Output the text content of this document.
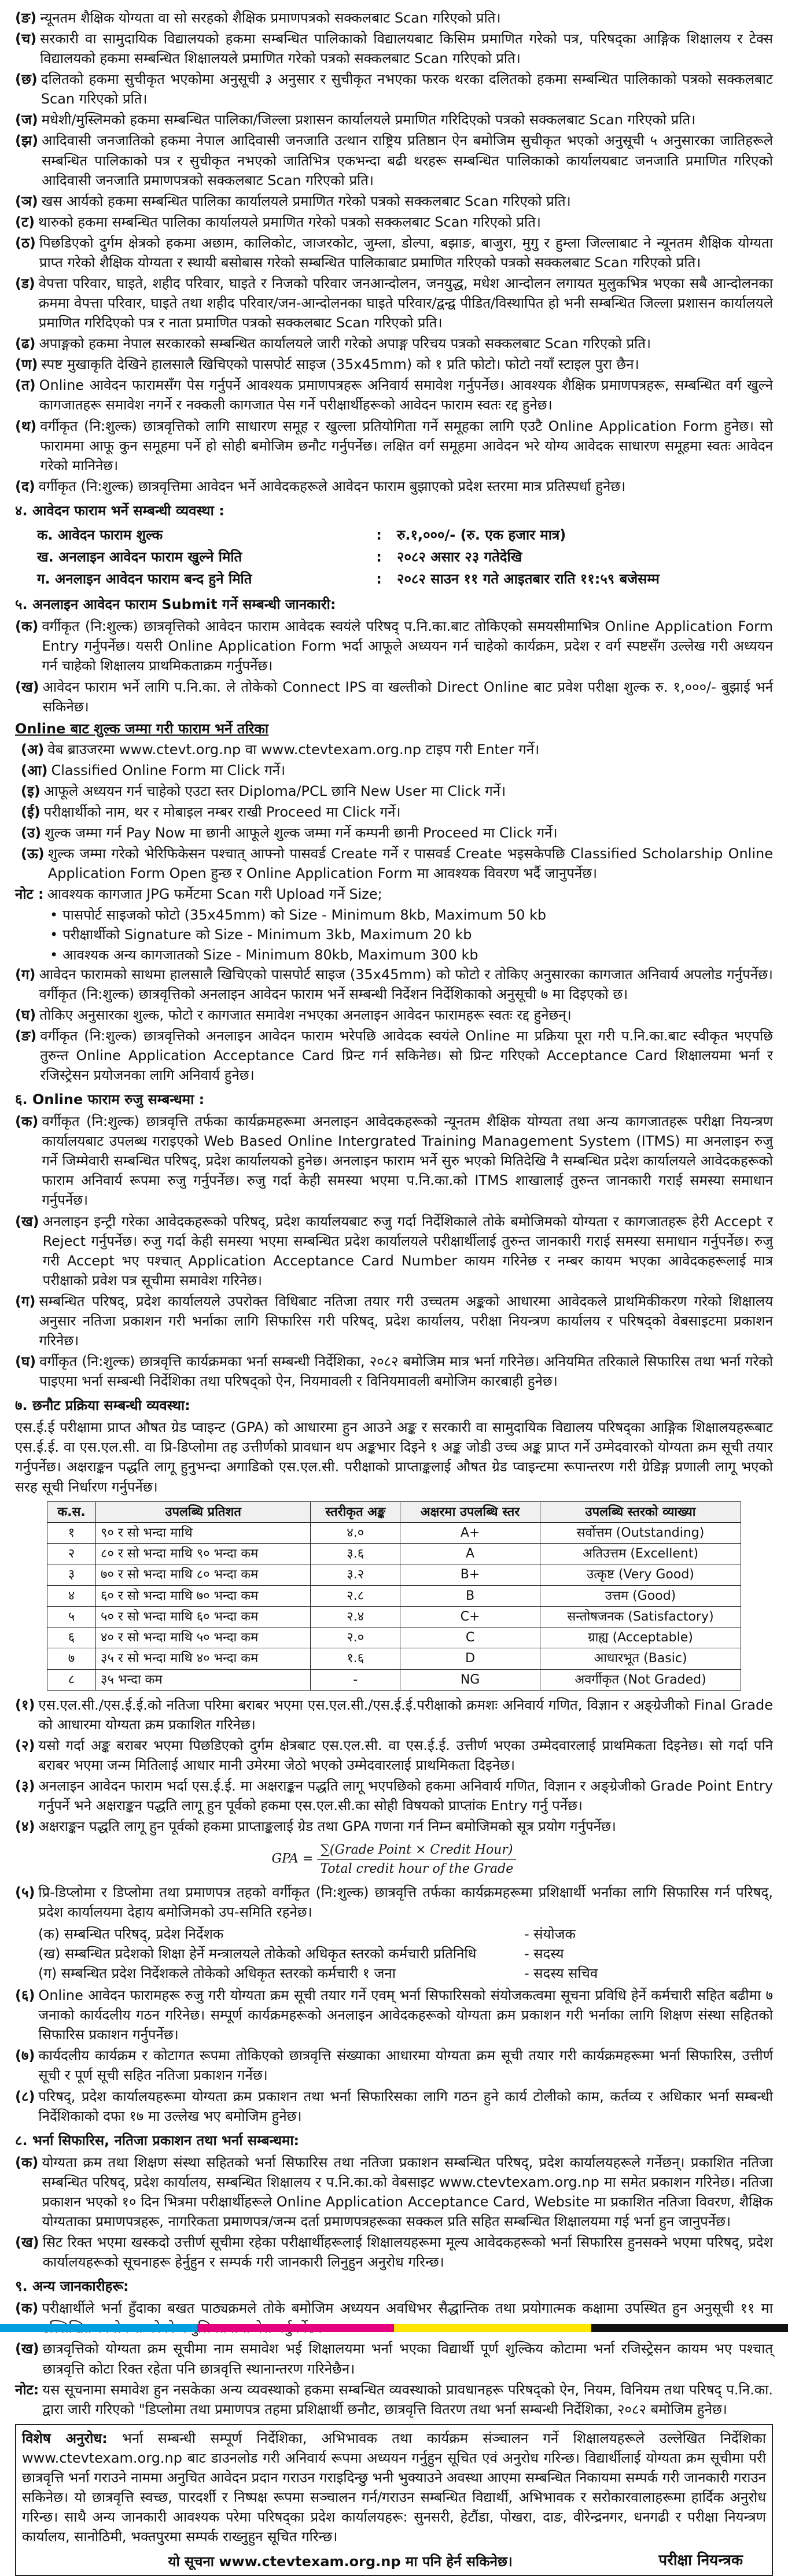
(ङ) न्यूनतम शैक्षिक योग्यता वा सो सरहको शैक्षिक प्रमाणपत्रको सक्कलबाट Scan गरिएको प्रति।
(च) सरकारी वा सामुदायिक विद्यालयको हकमा सम्बन्धित पालिकाको विद्यालयबाट किसिम प्रमाणित गरेको पत्र, परिषद्का आङ्गिक शिक्षालय र टेक्स विद्यालयको हकमा सम्बन्धित शिक्षालयले प्रमाणित गरेको पत्रको सक्कलबाट Scan गरिएको प्रति।
(छ) दलितको हकमा सुचीकृत भएकोमा अनुसूची ३ अनुसार र सुचीकृत नभएका फरक थरका दलितको हकमा सम्बन्धित पालिकाको पत्रको सक्कलबाट Scan गरिएको प्रति।
(ज) मधेशी/मुस्लिमको हकमा सम्बन्धित पालिका/जिल्ला प्रशासन कार्यालयले प्रमाणित गरिदिएको पत्रको सक्कलबाट Scan गरिएको प्रति।
(झ) आदिवासी जनजातिको हकमा नेपाल आदिवासी जनजाति उत्थान राष्ट्रिय प्रतिष्ठान ऐन बमोजिम सुचीकृत भएको अनुसूची ५ अनुसारका जातिहरूले सम्बन्धित पालिकाको पत्र र सुचीकृत नभएको जातिभित्र एकभन्दा बढी थरहरू सम्बन्धित पालिकाको कार्यालयबाट जनजाति प्रमाणित गरिएको आदिवासी जनजाति प्रमाणपत्रको सक्कलबाट Scan गरिएको प्रति।
(ञ) खस आर्यको हकमा सम्बन्धित पालिका कार्यालयले प्रमाणित गरेको पत्रको सक्कलबाट Scan गरिएको प्रति।
(ट) थारुको हकमा सम्बन्धित पालिका कार्यालयले प्रमाणित गरेको पत्रको सक्कलबाट Scan गरिएको प्रति।
(ठ) पिछडिएको दुर्गम क्षेत्रको हकमा अछाम, कालिकोट, जाजरकोट, जुम्ला, डोल्पा, बझाङ, बाजुरा, मुगु र हुम्ला जिल्लाबाट ने न्यूनतम शैक्षिक योग्यता प्राप्त गरेको शैक्षिक योग्यता र स्थायी बसोबास गरेको सम्बन्धित पालिकाबाट प्रमाणित गरिएको पत्रको सक्कलबाट Scan गरिएको प्रति।
(ड) वेपत्ता परिवार, घाइते, शहीद परिवार, घाइते र निजको परिवार जनआन्दोलन, जनयुद्ध, मधेश आन्दोलन लगायत मुलुकभित्र भएका सबै आन्दोलनका क्रममा वेपत्ता परिवार, घाइते तथा शहीद परिवार/जन-आन्दोलनका घाइते परिवार/द्वन्द्व पीडित/विस्थापित हो भनी सम्बन्धित जिल्ला प्रशासन कार्यालयले प्रमाणित गरिदिएको पत्र र नाता प्रमाणित पत्रको सक्कलबाट Scan गरिएको प्रति।
(ढ) अपाङ्गको हकमा नेपाल सरकारको सम्बन्धित कार्यालयले जारी गरेको अपाङ्ग परिचय पत्रको सक्कलबाट Scan गरिएको प्रति।
(ण) स्पष्ट मुखाकृति देखिने हालसालै खिचिएको पासपोर्ट साइज (35x45mm) को १ प्रति फोटो। फोटो नयाँ स्टाइल पुरा छैन।
(त) Online आवेदन फारामसँग पेस गर्नुपर्ने आवश्यक प्रमाणपत्रहरू अनिवार्य समावेश गर्नुपर्नेछ। आवश्यक शैक्षिक प्रमाणपत्रहरू, सम्बन्धित वर्ग खुल्ने कागजातहरू समावेश नगर्ने र नक्कली कागजात पेस गर्ने परीक्षार्थीहरूको आवेदन फाराम स्वतः रद्द हुनेछ।
(थ) वर्गीकृत (नि:शुल्क) छात्रवृत्तिको लागि साधारण समूह र खुल्ला प्रतियोगिता गर्ने समूहका लागि एउटै Online Application Form हुनेछ। सो फाराममा आफू कुन समूहमा पर्ने हो सोही बमोजिम छनौट गर्नुपर्नेछ। लक्षित वर्ग समूहमा आवेदन भरे योग्य आवेदक साधारण समूहमा स्वतः आवेदन गरेको मानिनेछ।
(द) वर्गीकृत (नि:शुल्क) छात्रवृत्तिमा आवेदन भर्ने आवेदकहरूले आवेदन फाराम बुझाएको प्रदेश स्तरमा मात्र प्रतिस्पर्धा हुनेछ।
४. आवेदन फाराम भर्ने सम्बन्धी व्यवस्था :
क. आवेदन फाराम शुल्क	:	रु.१,०००/- (रु. एक हजार मात्र)
ख. अनलाइन आवेदन फाराम खुल्ने मिति	:	२०८२ असार २३ गतेदेखि
ग. अनलाइन आवेदन फाराम बन्द हुने मिति	:	२०८२ साउन ११ गते आइतबार राति ११:५९ बजेसम्म
५. अनलाइन आवेदन फाराम Submit गर्ने सम्बन्धी जानकारी:
(क) वर्गीकृत (नि:शुल्क) छात्रवृत्तिको आवेदन फाराम आवेदक स्वयंले परिषद् प.नि.का.बाट तोकिएको समयसीमाभित्र Online Application Form Entry गर्नुपर्नेछ। यसरी Online Application Form भर्दा आफूले अध्ययन गर्न चाहेको कार्यक्रम, प्रदेश र वर्ग स्पष्टसँग उल्लेख गरी अध्ययन गर्न चाहेको शिक्षालय प्राथमिकताक्रम गर्नुपर्नेछ।
(ख) आवेदन फाराम भर्ने लागि प.नि.का. ले तोकेको Connect IPS वा खल्तीको Direct Online बाट प्रवेश परीक्षा शुल्क रु. १,०००/- बुझाई भर्न सकिनेछ।
Online बाट शुल्क जम्मा गरी फाराम भर्ने तरिका
(अ) वेब ब्राउजरमा www.ctevt.org.np वा www.ctevtexam.org.np टाइप गरी Enter गर्ने।
(आ) Classified Online Form मा Click गर्ने।
(इ) आफूले अध्ययन गर्न चाहेको एउटा स्तर Diploma/PCL छानि New User मा Click गर्ने।
(ई) परीक्षार्थीको नाम, थर र मोबाइल नम्बर राखी Proceed मा Click गर्ने।
(उ) शुल्क जम्मा गर्न Pay Now मा छानी आफूले शुल्क जम्मा गर्ने कम्पनी छानी Proceed मा Click गर्ने।
(ऊ) शुल्क जम्मा गरेको भेरिफिकेसन पश्चात् आफ्नो पासवर्ड Create गर्ने र पासवर्ड Create भइसकेपछि Classified Scholarship Online Application Form Open हुन्छ र Online Application Form मा आवश्यक विवरण भर्दै जानुपर्नेछ।
नोट : आवश्यक कागजात JPG फर्मेटमा Scan गरी Upload गर्ने Size;
• पासपोर्ट साइजको फोटो (35x45mm) को Size - Minimum 8kb, Maximum 50 kb
• परीक्षार्थीको Signature को Size - Minimum 3kb, Maximum 20 kb
• आवश्यक अन्य कागजातको Size - Minimum 80kb, Maximum 300 kb
(ग) आवेदन फारामको साथमा हालसालै खिचिएको पासपोर्ट साइज (35x45mm) को फोटो र तोकिए अनुसारका कागजात अनिवार्य अपलोड गर्नुपर्नेछ। वर्गीकृत (नि:शुल्क) छात्रवृत्तिको अनलाइन आवेदन फाराम भर्ने सम्बन्धी निर्देशन निर्देशिकाको अनुसूची ७ मा दिइएको छ।
(घ) तोकिए अनुसारका शुल्क, फोटो र कागजात समावेश नभएका अनलाइन आवेदन फारामहरू स्वतः रद्द हुनेछन्।
(ङ) वर्गीकृत (नि:शुल्क) छात्रवृत्तिको अनलाइन आवेदन फाराम भरेपछि आवेदक स्वयंले Online मा प्रक्रिया पूरा गरी प.नि.का.बाट स्वीकृत भएपछि तुरुन्त Online Application Acceptance Card प्रिन्ट गर्न सकिनेछ। सो प्रिन्ट गरिएको Acceptance Card शिक्षालयमा भर्ना र रजिस्ट्रेसन प्रयोजनका लागि अनिवार्य हुनेछ।
६. Online फाराम रुजु सम्बन्धमा :
(क) वर्गीकृत (नि:शुल्क) छात्रवृत्ति तर्फका कार्यक्रमहरूमा अनलाइन आवेदकहरूको न्यूनतम शैक्षिक योग्यता तथा अन्य कागजातहरू परीक्षा नियन्त्रण कार्यालयबाट उपलब्ध गराइएको Web Based Online Intergrated Training Management System (ITMS) मा अनलाइन रुजु गर्ने जिम्मेवारी सम्बन्धित परिषद्, प्रदेश कार्यालयको हुनेछ। अनलाइन फाराम भर्ने सुरु भएको मितिदेखि नै सम्बन्धित प्रदेश कार्यालयले आवेदकहरूको फाराम अनिवार्य रूपमा रुजु गर्नुपर्नेछ। रुजु गर्दा केही समस्या भएमा प.नि.का.को ITMS शाखालाई तुरुन्त जानकारी गराई समस्या समाधान गर्नुपर्नेछ।
(ख) अनलाइन इन्ट्री गरेका आवेदकहरूको परिषद्, प्रदेश कार्यालयबाट रुजु गर्दा निर्देशिकाले तोके बमोजिमको योग्यता र कागजातहरू हेरी Accept र Reject गर्नुपर्नेछ। रुजु गर्दा केही समस्या भएमा सम्बन्धित प्रदेश कार्यालयले परीक्षार्थीलाई तुरुन्त जानकारी गराई समस्या समाधान गर्नुपर्नेछ। रुजु गरी Accept भए पश्चात् Application Acceptance Card Number कायम गरिनेछ र नम्बर कायम भएका आवेदकहरूलाई मात्र परीक्षाको प्रवेश पत्र सूचीमा समावेश गरिनेछ।
(ग) सम्बन्धित परिषद्, प्रदेश कार्यालयले उपरोक्त विधिबाट नतिजा तयार गरी उच्चतम अङ्कको आधारमा आवेदकले प्राथमिकीकरण गरेको शिक्षालय अनुसार नतिजा प्रकाशन गरी भर्नाका लागि सिफारिस गरी परिषद्, प्रदेश कार्यालय, परीक्षा नियन्त्रण कार्यालय र परिषद्को वेबसाइटमा प्रकाशन गरिनेछ।
(घ) वर्गीकृत (नि:शुल्क) छात्रवृत्ति कार्यक्रमका भर्ना सम्बन्धी निर्देशिका, २०८२ बमोजिम मात्र भर्ना गरिनेछ। अनियमित तरिकाले सिफारिस तथा भर्ना गरेको पाइएमा भर्ना सम्बन्धी निर्देशिका तथा परिषद्को ऐन, नियमावली र विनियमावली बमोजिम कारबाही हुनेछ।
७. छनौट प्रक्रिया सम्बन्धी व्यवस्था:
एस.ई.ई परीक्षामा प्राप्त औषत ग्रेड प्वाइन्ट (GPA) को आधारमा हुन आउने अङ्क र सरकारी वा सामुदायिक विद्यालय परिषद्का आङ्गिक शिक्षालयहरूबाट एस.ई.ई. वा एस.एल.सी. वा प्रि-डिप्लोमा तह उत्तीर्णको प्रावधान थप अङ्कभार दिइने १ अङ्क जोडी उच्च अङ्क प्राप्त गर्ने उम्मेदवारको योग्यता क्रम सूची तयार गर्नुपर्नेछ। अक्षराङ्कन पद्धति लागू हुनुभन्दा अगाडिको एस.एल.सी. परीक्षाको प्राप्ताङ्कलाई औषत ग्रेड प्वाइन्टमा रूपान्तरण गरी ग्रेडिङ्ग प्रणाली लागू भएको सरह सूची निर्धारण गर्नुपर्नेछ।
क.स.	उपलब्धि प्रतिशत	स्तरीकृत अङ्क	अक्षरमा उपलब्धि स्तर	उपलब्धि स्तरको व्याख्या
१	९० र सो भन्दा माथि	४.०	A+	सर्वोत्तम (Outstanding)
२	८० र सो भन्दा माथि ९० भन्दा कम	३.६	A	अतिउत्तम (Excellent)
३	७० र सो भन्दा माथि ८० भन्दा कम	३.२	B+	उत्कृष्ट (Very Good)
४	६० र सो भन्दा माथि ७० भन्दा कम	२.८	B	उत्तम (Good)
५	५० र सो भन्दा माथि ६० भन्दा कम	२.४	C+	सन्तोषजनक (Satisfactory)
६	४० र सो भन्दा माथि ५० भन्दा कम	२.०	C	ग्राह्य (Acceptable)
७	३५ र सो भन्दा माथि ४० भन्दा कम	१.६	D	आधारभूत (Basic)
८	३५ भन्दा कम	-	NG	अवर्गीकृत (Not Graded)
(१) एस.एल.सी./एस.ई.ई.को नतिजा परिमा बराबर भएमा एस.एल.सी./एस.ई.ई.परीक्षाको क्रमशः अनिवार्य गणित, विज्ञान र अङ्ग्रेजीको Final Grade को आधारमा योग्यता क्रम प्रकाशित गरिनेछ।
(२) यसो गर्दा अङ्क बराबर भएमा पिछडिएको दुर्गम क्षेत्रबाट एस.एल.सी. वा एस.ई.ई. उत्तीर्ण भएका उम्मेदवारलाई प्राथमिकता दिइनेछ। सो गर्दा पनि बराबर भएमा जन्म मितिलाई आधार मानी उमेरमा जेठो भएको उम्मेदवारलाई प्राथमिकता दिइनेछ।
(३) अनलाइन आवेदन फाराम भर्दा एस.ई.ई. मा अक्षराङ्कन पद्धति लागू भएपछिको हकमा अनिवार्य गणित, विज्ञान र अङ्ग्रेजीको Grade Point Entry गर्नुपर्ने भने अक्षराङ्कन पद्धति लागू हुन पूर्वको हकमा एस.एल.सी.का सोही विषयको प्राप्तांक Entry गर्नु पर्नेछ।
(४) अक्षराङ्कन पद्धति लागू हुन पूर्वको हकमा प्राप्ताङ्कलाई ग्रेड तथा GPA गणना गर्न निम्न बमोजिमको सूत्र प्रयोग गर्नुपर्नेछ।
GPA = $\frac{\text{∑(Grade Point × Credit Hour)}}{\text{Total credit hour of the Grade}}$
(५) प्रि-डिप्लोमा र डिप्लोमा तथा प्रमाणपत्र तहको वर्गीकृत (नि:शुल्क) छात्रवृत्ति तर्फका कार्यक्रमहरूमा प्रशिक्षार्थी भर्नाका लागि सिफारिस गर्न परिषद्, प्रदेश कार्यालयमा देहाय बमोजिमको उप-समिति रहनेछ।
(क) सम्बन्धित परिषद्, प्रदेश निर्देशक	- संयोजक
(ख) सम्बन्धित प्रदेशको शिक्षा हेर्ने मन्त्रालयले तोकेको अधिकृत स्तरको कर्मचारी प्रतिनिधि	- सदस्य
(ग) सम्बन्धित प्रदेश निर्देशकले तोकेको अधिकृत स्तरको कर्मचारी १ जना	- सदस्य सचिव
(६) Online आवेदन फारामहरू रुजु गरी योग्यता क्रम सूची तयार गर्ने एवम् भर्ना सिफारिसको संयोजकत्वमा सूचना प्रविधि हेर्ने कर्मचारी सहित बढीमा ७ जनाको कार्यदलीय गठन गरिनेछ। सम्पूर्ण कार्यक्रमहरूको अनलाइन आवेदकहरूको योग्यता क्रम प्रकाशन गरी भर्नाका लागि शिक्षण संस्था सहितको सिफारिस प्रकाशन गर्नुपर्नेछ।
(७) कार्यदलीय कार्यक्रम र कोटागत रूपमा तोकिएको छात्रवृत्ति संख्याका आधारमा योग्यता क्रम सूची तयार गरी कार्यक्रमहरूमा भर्ना सिफारिस, उत्तीर्ण सूची र पूर्ण सूची सहित नतिजा प्रकाशन गर्नेछ।
(८) परिषद्, प्रदेश कार्यालयहरूमा योग्यता क्रम प्रकाशन तथा भर्ना सिफारिसका लागि गठन हुने कार्य टोलीको काम, कर्तव्य र अधिकार भर्ना सम्बन्धी निर्देशिकाको दफा १७ मा उल्लेख भए बमोजिम हुनेछ।
८. भर्ना सिफारिस, नतिजा प्रकाशन तथा भर्ना सम्बन्धमा:
(क) योग्यता क्रम तथा शिक्षण संस्था सहितको भर्ना सिफारिस तथा नतिजा प्रकाशन सम्बन्धित परिषद्, प्रदेश कार्यालयहरूले गर्नेछन्। प्रकाशित नतिजा सम्बन्धित परिषद्, प्रदेश कार्यालय, सम्बन्धित शिक्षालय र प.नि.का.को वेबसाइट www.ctevtexam.org.np मा समेत प्रकाशन गरिनेछ। नतिजा प्रकाशन भएको १० दिन भित्रमा परीक्षार्थीहरूले Online Application Acceptance Card, Website मा प्रकाशित नतिजा विवरण, शैक्षिक योग्यताका प्रमाणपत्रहरू, नागरिकता प्रमाणपत्र/जन्म दर्ता प्रमाणपत्रहरूका सक्कल प्रति सहित सम्बन्धित शिक्षालयमा गई भर्ना हुन जानुपर्नेछ।
(ख) सिट रिक्त भएमा खस्कदो उत्तीर्ण सूचीमा रहेका परीक्षार्थीहरूलाई शिक्षालयहरूमा मूल्य आवेदकहरूको भर्ना सिफारिस हुनसक्ने भएमा परिषद्, प्रदेश कार्यालयहरूको सूचनाहरू हेर्नुहुन र सम्पर्क गरी जानकारी लिनुहुन अनुरोध गरिन्छ।
९. अन्य जानकारीहरू:
(क) परीक्षार्थीले भर्ना हुँदाका बखत पाठ्यक्रमले तोके बमोजिम अध्ययन अवधिभर सैद्धान्तिक तथा प्रयोगात्मक कक्षामा उपस्थित हुन अनुसूची ११ मा
(ख) छात्रवृत्तिको योग्यता क्रम सूचीमा नाम समावेश भई शिक्षालयमा भर्ना भएका विद्यार्थी पूर्ण शुल्किय कोटामा भर्ना रजिस्ट्रेसन कायम भए पश्चात् छात्रवृत्ति कोटा रिक्त रहेता पनि छात्रवृत्ति स्थानान्तरण गरिनेछैन।
नोट: यस सूचनामा समावेश हुन नसकेका अन्य व्यवस्थाको हकमा सम्बन्धित व्यवस्थाको प्रावधानहरू परिषद्को ऐन, नियम, विनियम तथा परिषद् प.नि.का. द्वारा जारी गरिएको "डिप्लोमा तथा प्रमाणपत्र तहमा प्रशिक्षार्थी छनौट, छात्रवृत्ति वितरण तथा भर्ना सम्बन्धी निर्देशिका, २०८२ बमोजिम हुनेछ।
विशेष अनुरोध: भर्ना सम्बन्धी सम्पूर्ण निर्देशिका, अभिभावक तथा कार्यक्रम संञ्चालन गर्ने शिक्षालयहरूले उल्लेखित निर्देशिका www.ctevtexam.org.np बाट डाउनलोड गरी अनिवार्य रूपमा अध्ययन गर्नुहुन सूचित एवं अनुरोध गरिन्छ। विद्यार्थीलाई योग्यता क्रम सूचीमा परी छात्रवृत्ति भर्ना गराउने नाममा अनुचित आवेदन प्रदान गराउन गराइदिन्छु भनी भुक्याउने अवस्था आएमा सम्बन्धित निकायमा सम्पर्क गरी जानकारी गराउन सकिनेछ। यो छात्रवृत्ति स्वच्छ, पारदर्शी र निष्पक्ष रूपमा सञ्चालन गर्न/गराउन सम्बन्धित विद्यार्थी, अभिभावक र सरोकारवालाहरूमा हार्दिक अनुरोध गरिन्छ। साथै अन्य जानकारी आवश्यक परेमा परिषद्का प्रदेश कार्यालयहरू: सुनसरी, हेटौंडा, पोखरा, दाङ, वीरेन्द्रनगर, धनगढी र परीक्षा नियन्त्रण कार्यालय, सानोठिमी, भक्तपुरमा सम्पर्क राख्नुहुन सूचित गरिन्छ।
यो सूचना www.ctevtexam.org.np मा पनि हेर्न सकिनेछ।	परीक्षा नियन्त्रक
